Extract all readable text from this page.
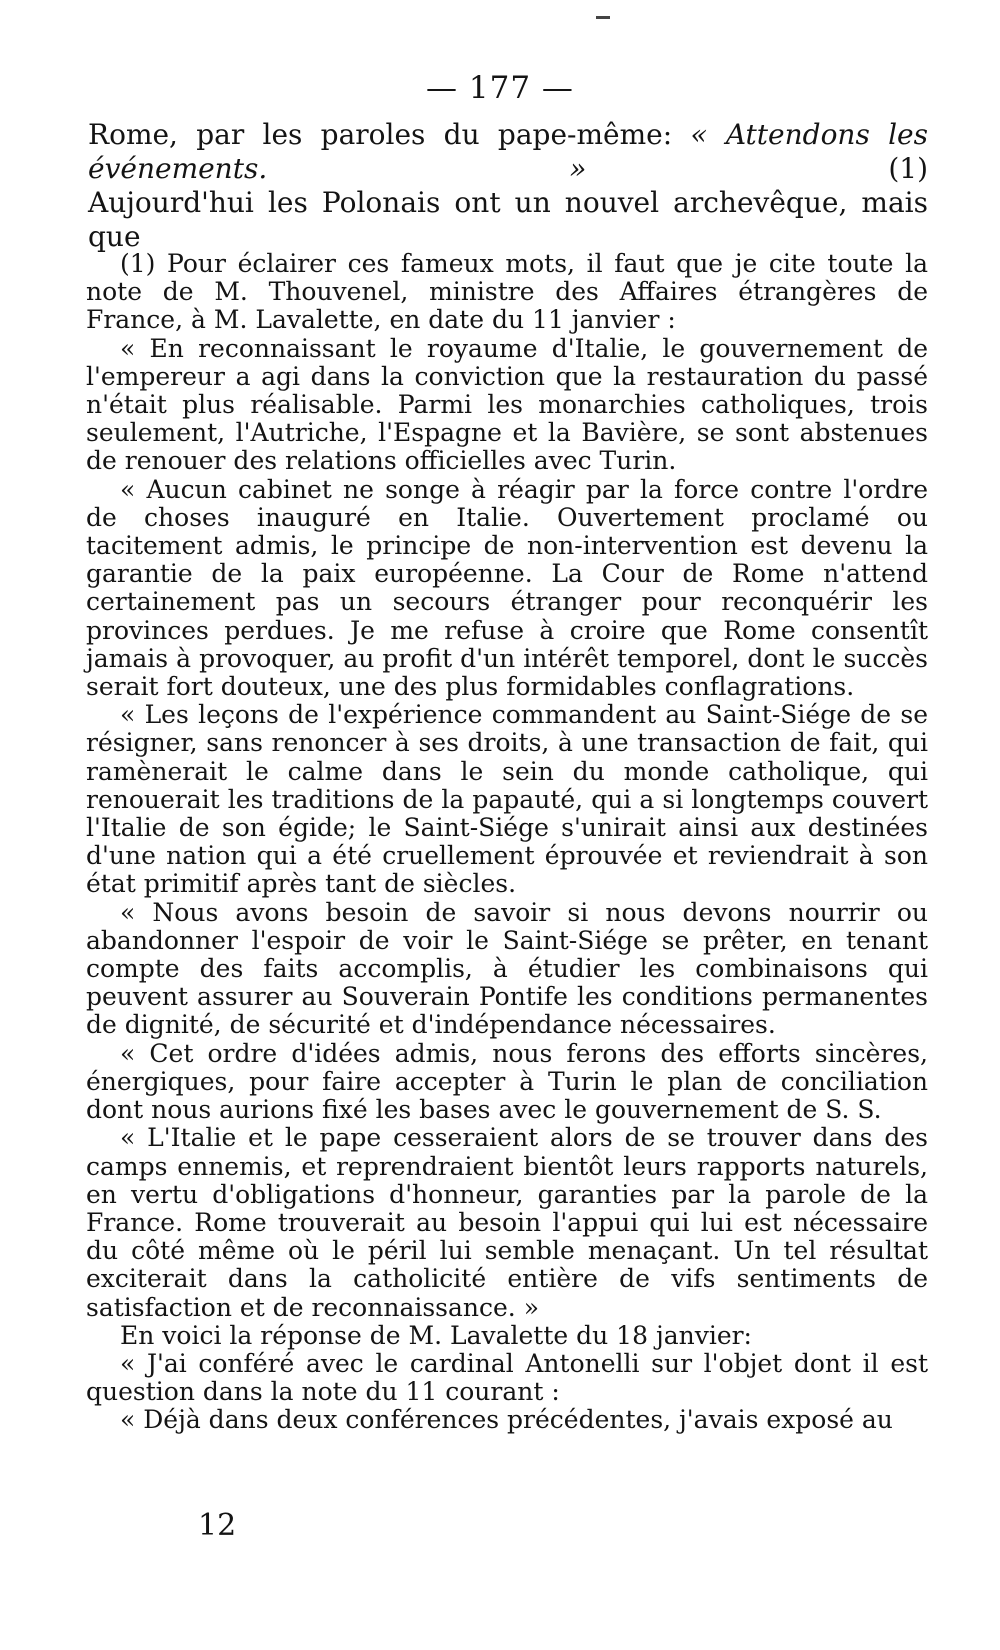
— 177 —

Rome, par les paroles du pape-même: « Attendons les événements. » (1)

Aujourd'hui les Polonais ont un nouvel archevêque, mais que

(1) Pour éclairer ces fameux mots, il faut que je cite toute la note de M. Thouvenel, ministre des Affaires étrangères de France, à M. Lavalette, en date du 11 janvier :

« En reconnaissant le royaume d'Italie, le gouvernement de l'empereur a agi dans la conviction que la restauration du passé n'était plus réalisable. Parmi les monarchies catholiques, trois seulement, l'Autriche, l'Espagne et la Bavière, se sont abstenues de renouer des relations officielles avec Turin.

« Aucun cabinet ne songe à réagir par la force contre l'ordre de choses inauguré en Italie. Ouvertement proclamé ou tacitement admis, le principe de non-intervention est devenu la garantie de la paix européenne. La Cour de Rome n'attend certainement pas un secours étranger pour reconquérir les provinces perdues. Je me refuse à croire que Rome consentît jamais à provoquer, au profit d'un intérêt temporel, dont le succès serait fort douteux, une des plus formidables conflagrations.

« Les leçons de l'expérience commandent au Saint-Siége de se résigner, sans renoncer à ses droits, à une transaction de fait, qui ramènerait le calme dans le sein du monde catholique, qui renouerait les traditions de la papauté, qui a si longtemps couvert l'Italie de son égide; le Saint-Siége s'unirait ainsi aux destinées d'une nation qui a été cruellement éprouvée et reviendrait à son état primitif après tant de siècles.

« Nous avons besoin de savoir si nous devons nourrir ou abandonner l'espoir de voir le Saint-Siége se prêter, en tenant compte des faits accomplis, à étudier les combinaisons qui peuvent assurer au Souverain Pontife les conditions permanentes de dignité, de sécurité et d'indépendance nécessaires.

« Cet ordre d'idées admis, nous ferons des efforts sincères, énergiques, pour faire accepter à Turin le plan de conciliation dont nous aurions fixé les bases avec le gouvernement de S. S.

« L'Italie et le pape cesseraient alors de se trouver dans des camps ennemis, et reprendraient bientôt leurs rapports naturels, en vertu d'obligations d'honneur, garanties par la parole de la France. Rome trouverait au besoin l'appui qui lui est nécessaire du côté même où le péril lui semble menaçant. Un tel résultat exciterait dans la catholicité entière de vifs sentiments de satisfaction et de reconnaissance. »

En voici la réponse de M. Lavalette du 18 janvier:

« J'ai conféré avec le cardinal Antonelli sur l'objet dont il est question dans la note du 11 courant :

« Déjà dans deux conférences précédentes, j'avais exposé au

12
